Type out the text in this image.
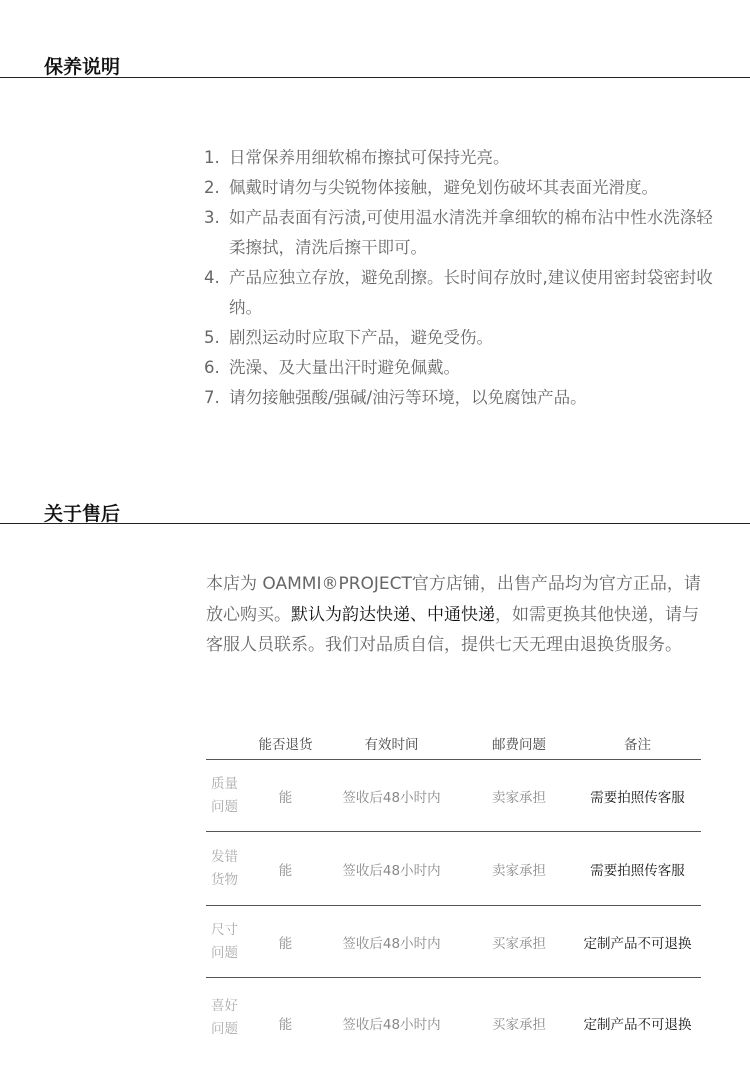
保养说明
1. 日常保养用细软棉布擦拭可保持光亮。
2. 佩戴时请勿与尖锐物体接触，避免划伤破坏其表面光滑度。
3. 如产品表面有污渍,可使用温水清洗并拿细软的棉布沾中性水洗涤轻柔擦拭，清洗后擦干即可。
4. 产品应独立存放，避免刮擦。长时间存放时,建议使用密封袋密封收纳。
5. 剧烈运动时应取下产品，避免受伤。
6. 洗澡、及大量出汗时避免佩戴。
7. 请勿接触强酸/强碱/油污等环境，以免腐蚀产品。
关于售后

本店为 OAMMI®PROJECT官方店铺，出售产品均为官方正品，请放心购买。默认为韵达快递、中通快递，如需更换其他快递，请与客服人员联系。我们对品质自信，提供七天无理由退换货服务。

	能否退货	有效时间	邮费问题	备注
质量问题	能	签收后48小时内	卖家承担	需要拍照传客服
发错货物	能	签收后48小时内	卖家承担	需要拍照传客服
尺寸问题	能	签收后48小时内	买家承担	定制产品不可退换
喜好问题	能	签收后48小时内	买家承担	定制产品不可退换
